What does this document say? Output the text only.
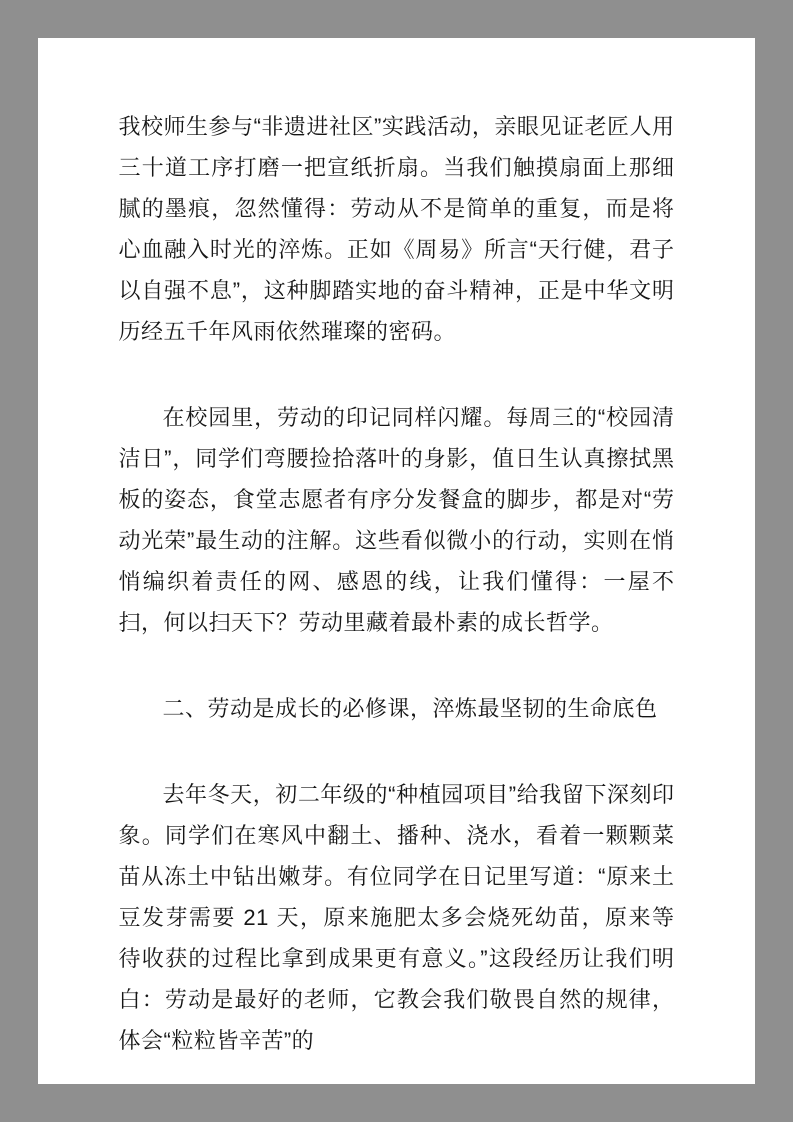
我校师生参与“非遗进社区”实践活动，亲眼见证老匠人用三十道工序打磨一把宣纸折扇。当我们触摸扇面上那细腻的墨痕，忽然懂得：劳动从不是简单的重复，而是将心血融入时光的淬炼。正如《周易》所言“天行健，君子以自强不息”，这种脚踏实地的奋斗精神，正是中华文明历经五千年风雨依然璀璨的密码。

在校园里，劳动的印记同样闪耀。每周三的“校园清洁日”，同学们弯腰捡拾落叶的身影，值日生认真擦拭黑板的姿态，食堂志愿者有序分发餐盒的脚步，都是对“劳动光荣”最生动的注解。这些看似微小的行动，实则在悄悄编织着责任的网、感恩的线，让我们懂得：一屋不扫，何以扫天下？劳动里藏着最朴素的成长哲学。

二、劳动是成长的必修课，淬炼最坚韧的生命底色

去年冬天，初二年级的“种植园项目”给我留下深刻印象。同学们在寒风中翻土、播种、浇水，看着一颗颗菜苗从冻土中钻出嫩芽。有位同学在日记里写道：“原来土豆发芽需要 21 天，原来施肥太多会烧死幼苗，原来等待收获的过程比拿到成果更有意义。”这段经历让我们明白：劳动是最好的老师，它教会我们敬畏自然的规律，体会“粒粒皆辛苦”的
